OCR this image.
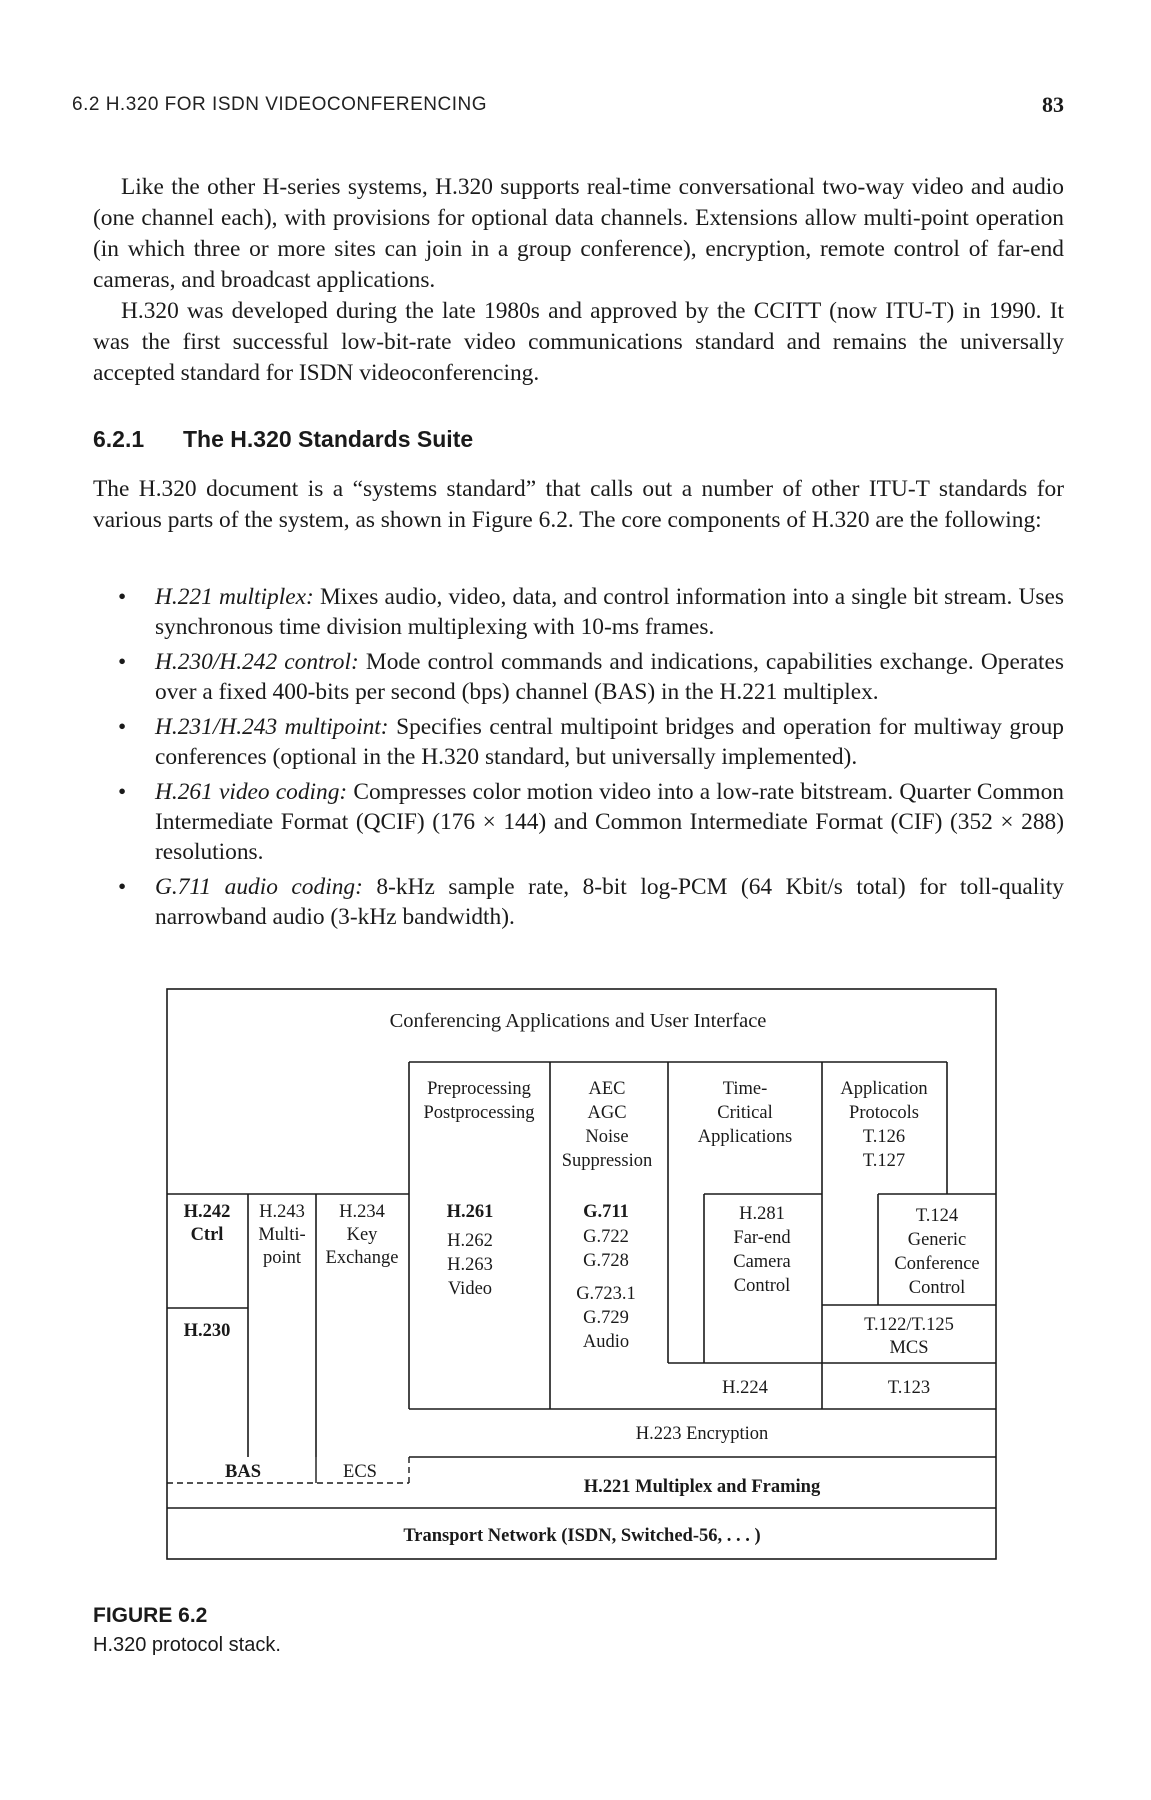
6.2 H.320 FOR ISDN VIDEOCONFERENCING	83

Like the other H-series systems, H.320 supports real-time conversational two-way video and audio (one channel each), with provisions for optional data channels. Extensions allow multi-point operation (in which three or more sites can join in a group conference), encryption, remote control of far-end cameras, and broadcast applications.

H.320 was developed during the late 1980s and approved by the CCITT (now ITU-T) in 1990. It was the first successful low-bit-rate video communications standard and remains the universally accepted standard for ISDN videoconferencing.

6.2.1 The H.320 Standards Suite

The H.320 document is a “systems standard” that calls out a number of other ITU-T standards for various parts of the system, as shown in Figure 6.2. The core components of H.320 are the following:

• H.221 multiplex: Mixes audio, video, data, and control information into a single bit stream. Uses synchronous time division multiplexing with 10-ms frames.
• H.230/H.242 control: Mode control commands and indications, capabilities exchange. Operates over a fixed 400-bits per second (bps) channel (BAS) in the H.221 multiplex.
• H.231/H.243 multipoint: Specifies central multipoint bridges and operation for multiway group conferences (optional in the H.320 standard, but universally implemented).
• H.261 video coding: Compresses color motion video into a low-rate bitstream. Quarter Common Intermediate Format (QCIF) (176 × 144) and Common Intermediate Format (CIF) (352 × 288) resolutions.
• G.711 audio coding: 8-kHz sample rate, 8-bit log-PCM (64 Kbit/s total) for toll-quality narrowband audio (3-kHz bandwidth).
Conferencing Applications and User Interface
Preprocessing
Postprocessing
AEC
AGC
Noise
Suppression
Time-
Critical
Applications
Application
Protocols
T.126
T.127
H.242
Ctrl
H.230
H.243
Multi-
point
H.234
Key
Exchange
H.261
H.262
H.263
Video
G.711
G.722
G.728
G.723.1
G.729
Audio
H.281
Far-end
Camera
Control
T.124
Generic
Conference
Control
T.122/T.125
MCS
H.224	T.123
H.223 Encryption
BAS	ECS
H.221 Multiplex and Framing
Transport Network (ISDN, Switched-56, . . . )
FIGURE 6.2
H.320 protocol stack.
